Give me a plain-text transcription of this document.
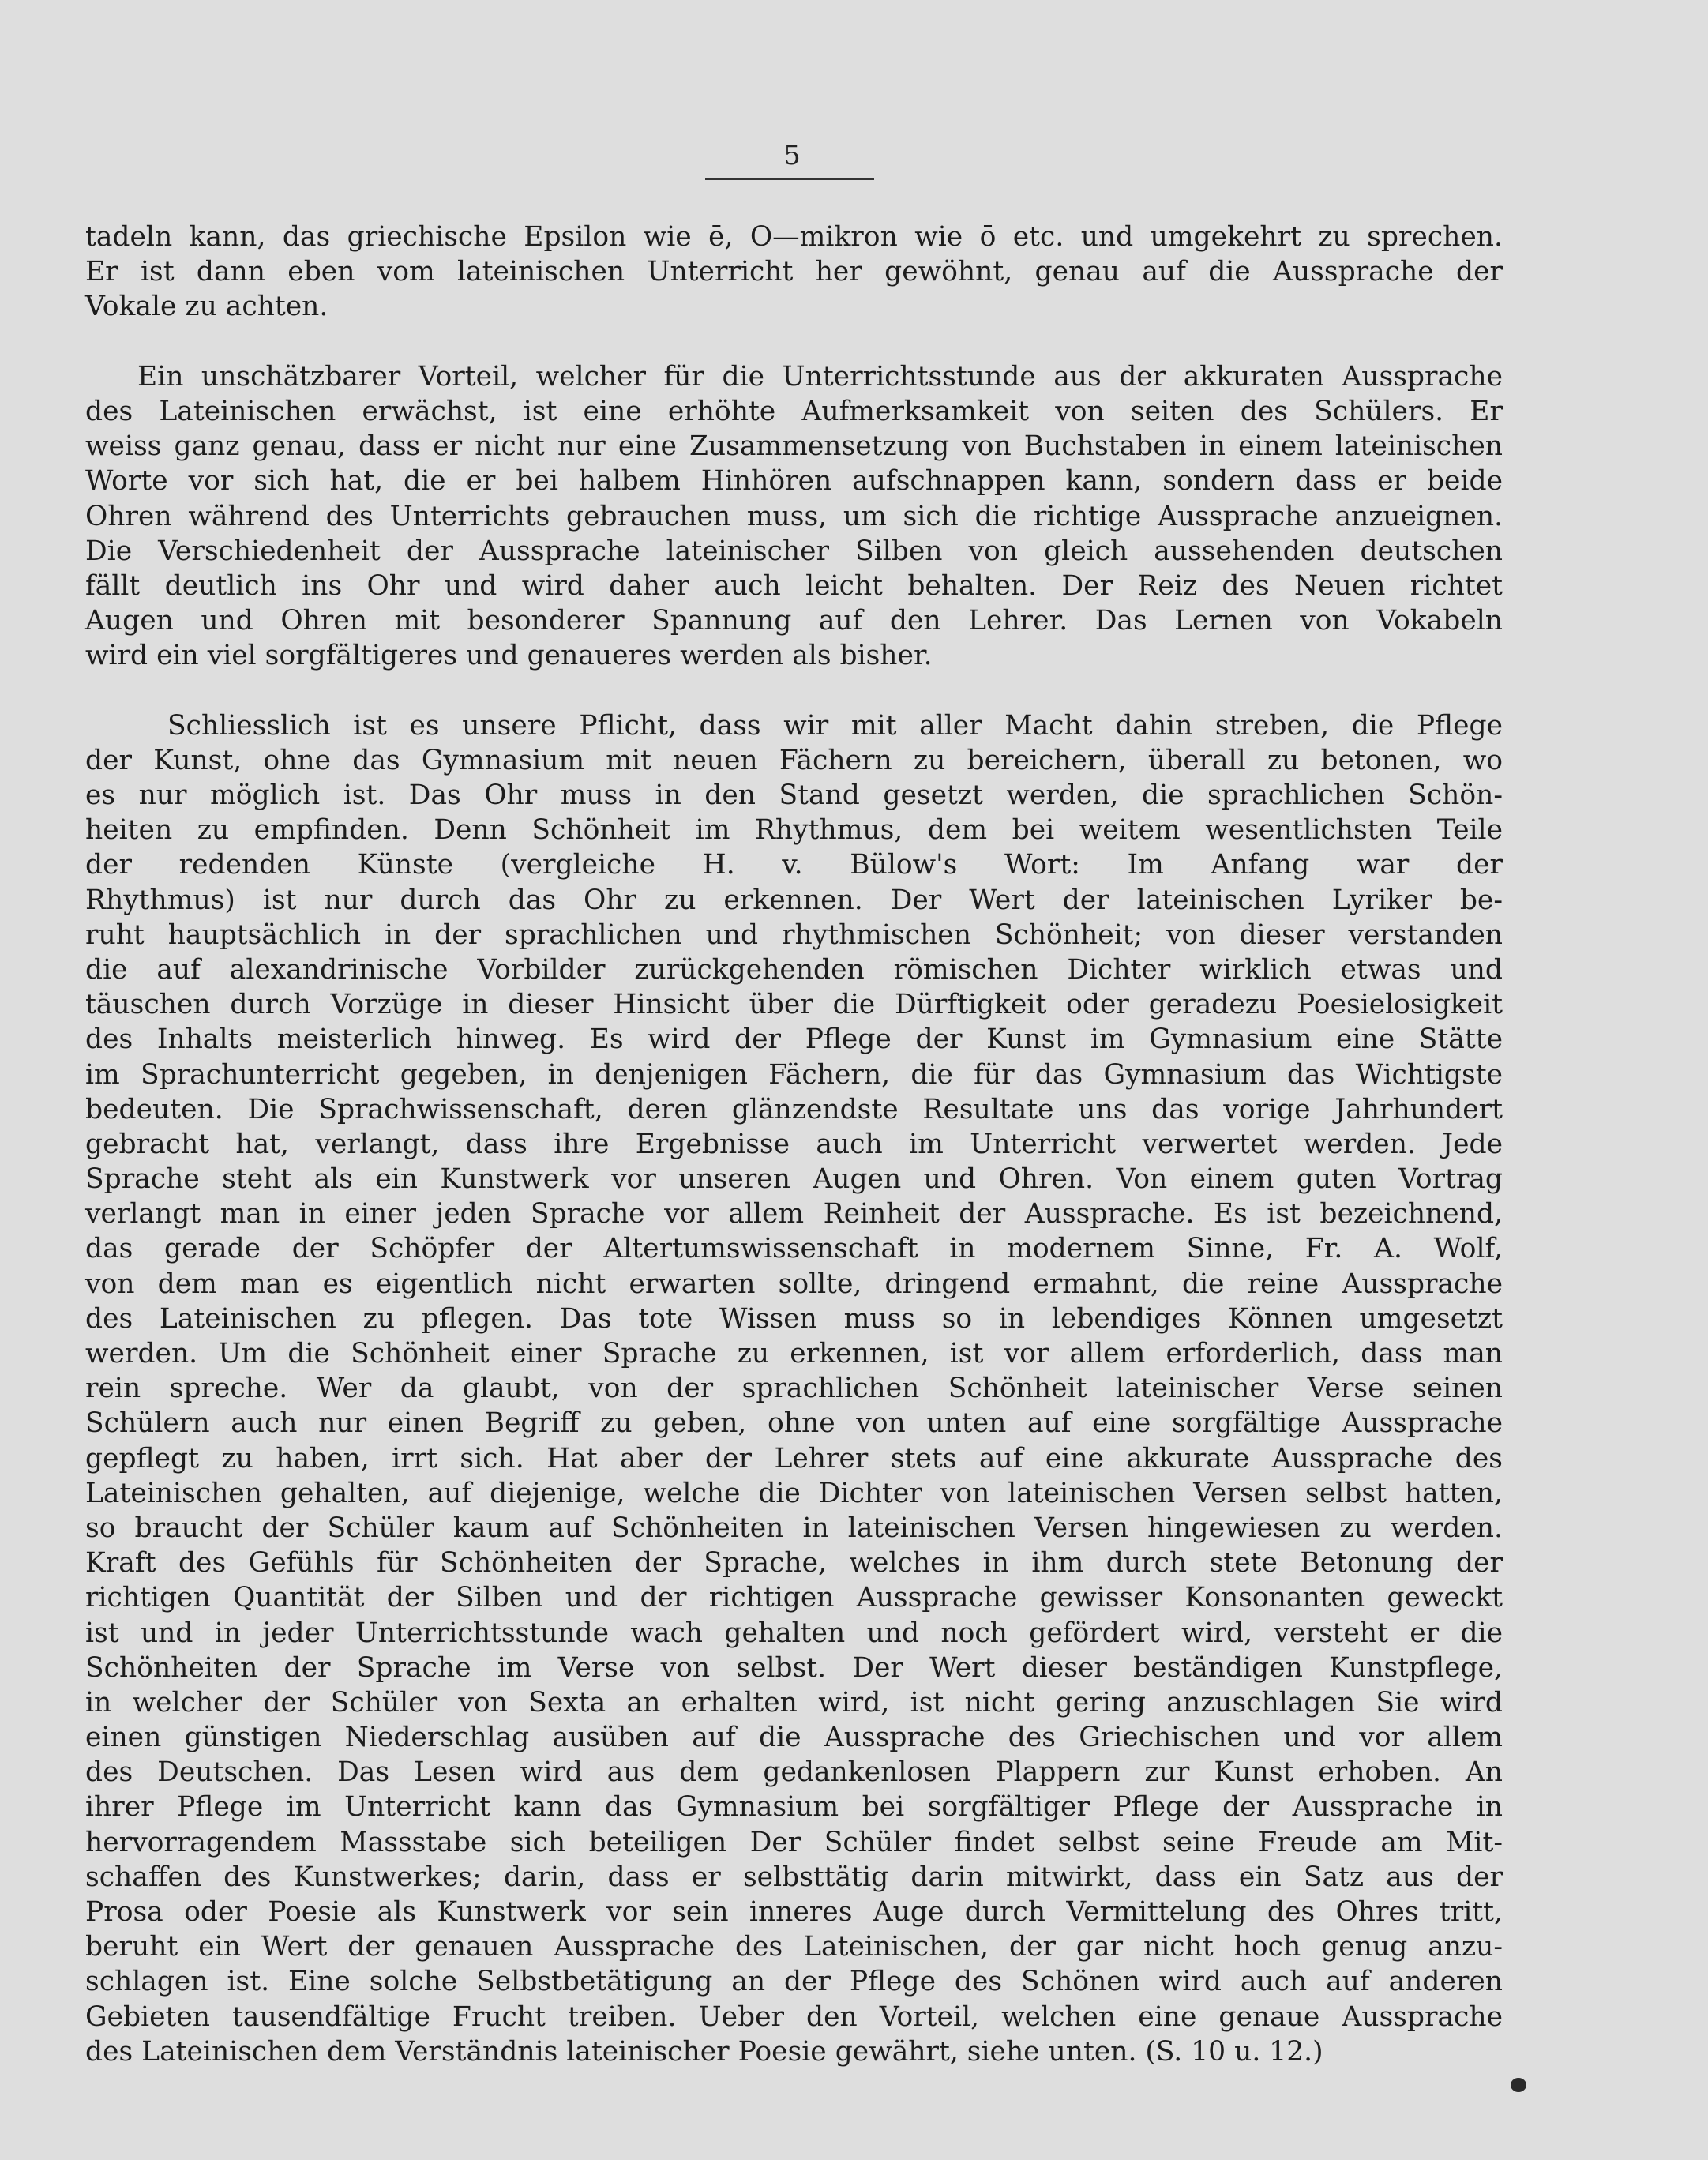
5
tadeln kann, das griechische Epsilon wie ē, O—mikron wie ō etc. und umgekehrt zu sprechen.
Er ist dann eben vom lateinischen Unterricht her gewöhnt, genau auf die Aussprache der
Vokale zu achten.
Ein unschätzbarer Vorteil, welcher für die Unterrichtsstunde aus der akkuraten Aussprache
des Lateinischen erwächst, ist eine erhöhte Aufmerksamkeit von seiten des Schülers. Er
weiss ganz genau, dass er nicht nur eine Zusammensetzung von Buchstaben in einem lateinischen
Worte vor sich hat, die er bei halbem Hinhören aufschnappen kann, sondern dass er beide
Ohren während des Unterrichts gebrauchen muss, um sich die richtige Aussprache anzueignen.
Die Verschiedenheit der Aussprache lateinischer Silben von gleich aussehenden deutschen
fällt deutlich ins Ohr und wird daher auch leicht behalten. Der Reiz des Neuen richtet
Augen und Ohren mit besonderer Spannung auf den Lehrer. Das Lernen von Vokabeln
wird ein viel sorgfältigeres und genaueres werden als bisher.
Schliesslich ist es unsere Pflicht, dass wir mit aller Macht dahin streben, die Pflege
der Kunst, ohne das Gymnasium mit neuen Fächern zu bereichern, überall zu betonen, wo
es nur möglich ist. Das Ohr muss in den Stand gesetzt werden, die sprachlichen Schön-
heiten zu empfinden. Denn Schönheit im Rhythmus, dem bei weitem wesentlichsten Teile
der redenden Künste (vergleiche H. v. Bülow's Wort: Im Anfang war der
Rhythmus) ist nur durch das Ohr zu erkennen. Der Wert der lateinischen Lyriker be-
ruht hauptsächlich in der sprachlichen und rhythmischen Schönheit; von dieser verstanden
die auf alexandrinische Vorbilder zurückgehenden römischen Dichter wirklich etwas und
täuschen durch Vorzüge in dieser Hinsicht über die Dürftigkeit oder geradezu Poesielosigkeit
des Inhalts meisterlich hinweg. Es wird der Pflege der Kunst im Gymnasium eine Stätte
im Sprachunterricht gegeben, in denjenigen Fächern, die für das Gymnasium das Wichtigste
bedeuten. Die Sprachwissenschaft, deren glänzendste Resultate uns das vorige Jahrhundert
gebracht hat, verlangt, dass ihre Ergebnisse auch im Unterricht verwertet werden. Jede
Sprache steht als ein Kunstwerk vor unseren Augen und Ohren. Von einem guten Vortrag
verlangt man in einer jeden Sprache vor allem Reinheit der Aussprache. Es ist bezeichnend,
das gerade der Schöpfer der Altertumswissenschaft in modernem Sinne, Fr. A. Wolf,
von dem man es eigentlich nicht erwarten sollte, dringend ermahnt, die reine Aussprache
des Lateinischen zu pflegen. Das tote Wissen muss so in lebendiges Können umgesetzt
werden. Um die Schönheit einer Sprache zu erkennen, ist vor allem erforderlich, dass man
rein spreche. Wer da glaubt, von der sprachlichen Schönheit lateinischer Verse seinen
Schülern auch nur einen Begriff zu geben, ohne von unten auf eine sorgfältige Aussprache
gepflegt zu haben, irrt sich. Hat aber der Lehrer stets auf eine akkurate Aussprache des
Lateinischen gehalten, auf diejenige, welche die Dichter von lateinischen Versen selbst hatten,
so braucht der Schüler kaum auf Schönheiten in lateinischen Versen hingewiesen zu werden.
Kraft des Gefühls für Schönheiten der Sprache, welches in ihm durch stete Betonung der
richtigen Quantität der Silben und der richtigen Aussprache gewisser Konsonanten geweckt
ist und in jeder Unterrichtsstunde wach gehalten und noch gefördert wird, versteht er die
Schönheiten der Sprache im Verse von selbst. Der Wert dieser beständigen Kunstpflege,
in welcher der Schüler von Sexta an erhalten wird, ist nicht gering anzuschlagen Sie wird
einen günstigen Niederschlag ausüben auf die Aussprache des Griechischen und vor allem
des Deutschen. Das Lesen wird aus dem gedankenlosen Plappern zur Kunst erhoben. An
ihrer Pflege im Unterricht kann das Gymnasium bei sorgfältiger Pflege der Aussprache in
hervorragendem Massstabe sich beteiligen Der Schüler findet selbst seine Freude am Mit-
schaffen des Kunstwerkes; darin, dass er selbsttätig darin mitwirkt, dass ein Satz aus der
Prosa oder Poesie als Kunstwerk vor sein inneres Auge durch Vermittelung des Ohres tritt,
beruht ein Wert der genauen Aussprache des Lateinischen, der gar nicht hoch genug anzu-
schlagen ist. Eine solche Selbstbetätigung an der Pflege des Schönen wird auch auf anderen
Gebieten tausendfältige Frucht treiben. Ueber den Vorteil, welchen eine genaue Aussprache
des Lateinischen dem Verständnis lateinischer Poesie gewährt, siehe unten. (S. 10 u. 12.)
